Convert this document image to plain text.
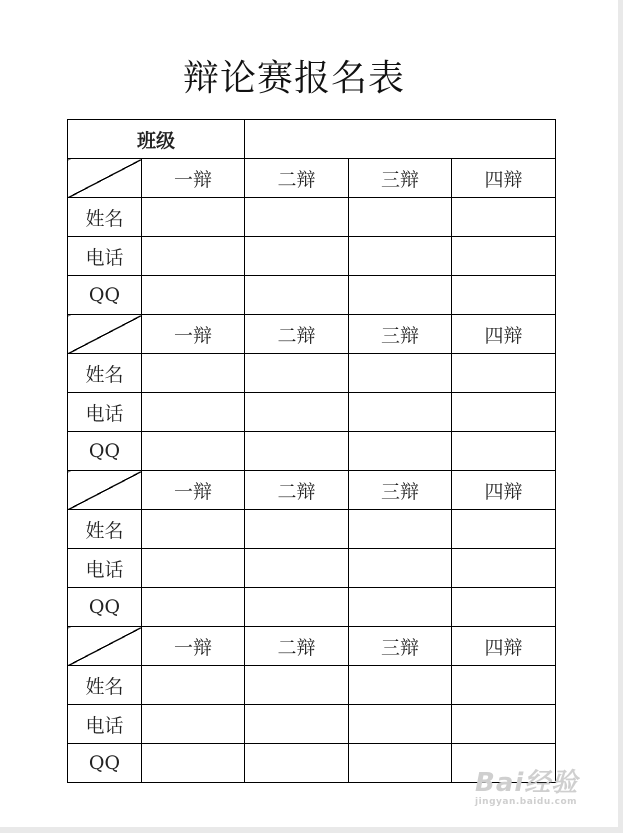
辩论赛报名表
班级				
	一辩	二辩	三辩	四辩
姓名				
电话				
QQ				
	一辩	二辩	三辩	四辩
姓名				
电话				
QQ				
	一辩	二辩	三辩	四辩
姓名				
电话				
QQ				
	一辩	二辩	三辩	四辩
姓名				
电话				
QQ				
Bai经验
jingyan.baidu.com
